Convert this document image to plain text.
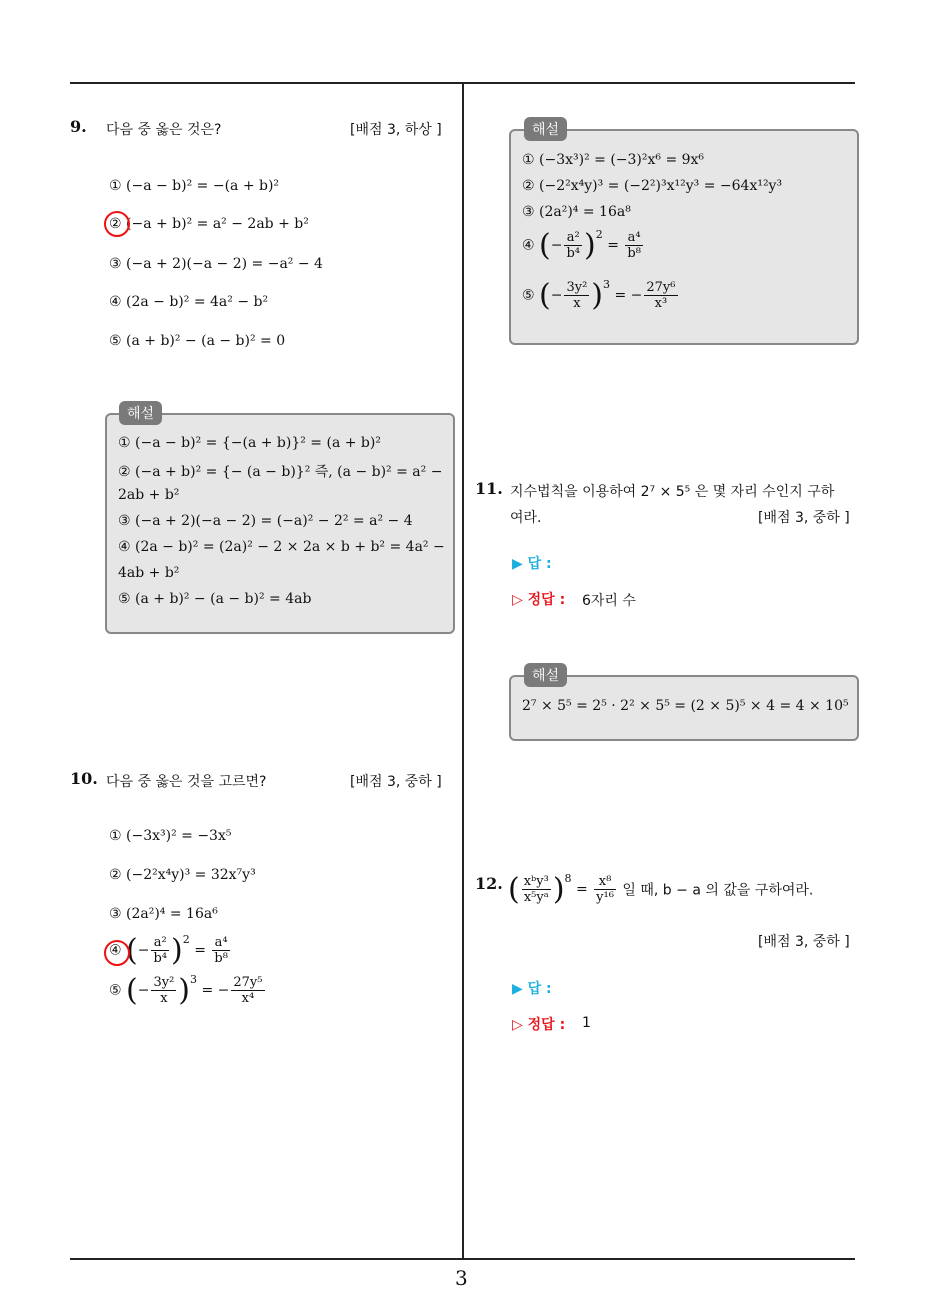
3
9. 다음 중 옳은 것은?	[배점 3, 하상 ]
① (−a − b)² = −(a + b)²
② (−a + b)² = a² − 2ab + b²
③ (−a + 2)(−a − 2) = −a² − 4
④ (2a − b)² = 4a² − b²
⑤ (a + b)² − (a − b)² = 0
해설
① (−a − b)² = {−(a + b)}² = (a + b)²
② (−a + b)² = {− (a − b)}² 즉, (a − b)² = a² −
2ab + b²
③ (−a + 2)(−a − 2) = (−a)² − 2² = a² − 4
④ (2a − b)² = (2a)² − 2 × 2a × b + b² = 4a² −
4ab + b²
⑤ (a + b)² − (a − b)² = 4ab
10. 다음 중 옳은 것을 고르면?	[배점 3, 중하 ]
① (−3x³)² = −3x⁵
② (−2²x⁴y)³ = 32x⁷y³
③ (2a²)⁴ = 16a⁶
④ (− $\frac{\text{a²}}{\text{b⁴}} )^2 = \frac{\text{a⁴}}{\text{b⁸}}$
⑤ (− $\frac{\text{3y²}}{x} )^3$ = − $\frac{\text{27y⁵}}{\text{x⁴}}$
해설
① (−3x³)² = (−3)²x⁶ = 9x⁶
② (−2²x⁴y)³ = (−2²)³x¹²y³ = −64x¹²y³
③ (2a²)⁴ = 16a⁸
④ (− $\frac{\text{a²}}{\text{b⁴}} )^2 = \frac{\text{a⁴}}{\text{b⁸}}$
⑤ (− $\frac{\text{3y²}}{x} )^3$ = − $\frac{\text{27y⁶}}{\text{x³}}$
11. 지수법칙을 이용하여 2⁷ × 5⁵ 은 몇 자리 수인지 구하
여라.	[배점 3, 중하 ]
▶ 답 :
▷ 정답 : 6자리 수
해설
2⁷ × 5⁵ = 2⁵ · 2² × 5⁵ = (2 × 5)⁵ × 4 = 4 × 10⁵
12. ( $\frac{\text{xᵇy³}}{\text{x⁵yᵃ}} )^8 = \frac{\text{x⁸}}{\text{y¹⁶}}$ 일 때, b − a 의 값을 구하여라.
[배점 3, 중하 ]
▶ 답 :
▷ 정답 : 1
